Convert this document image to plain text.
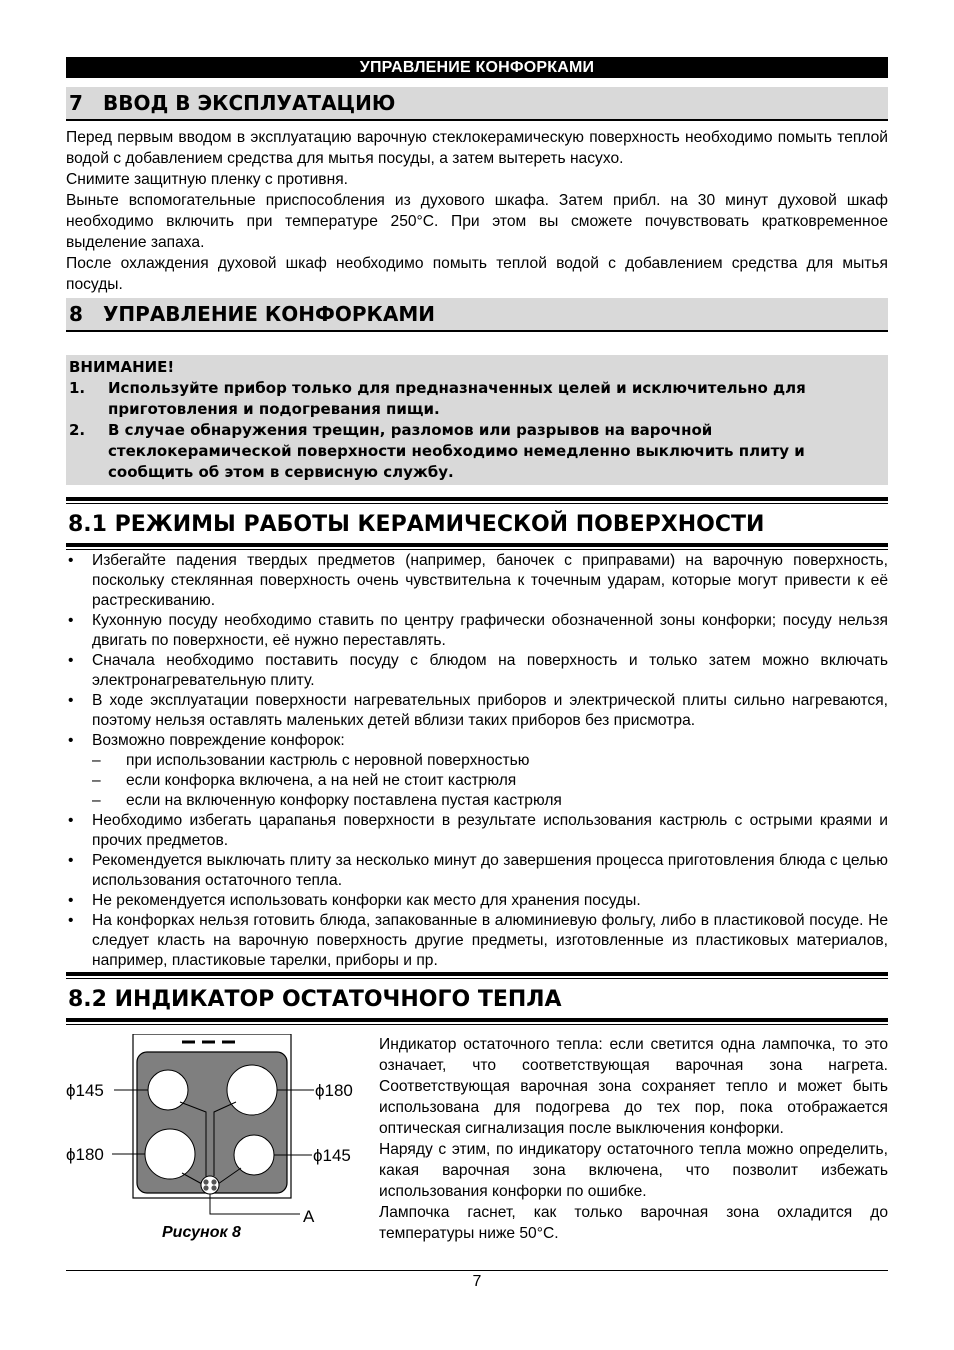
УПРАВЛЕНИЕ КОНФОРКАМИ
7 ВВОД В ЭКСПЛУАТАЦИЮ

Перед первым вводом в эксплуатацию варочную стеклокерамическую поверхность необходимо помыть теплой водой с добавлением средства для мытья посуды, а затем вытереть насухо.

Снимите защитную пленку с противня.

Выньте вспомогательные приспособления из духового шкафа. Затем прибл. на 30 минут духовой шкаф необходимо включить при температуре 250°С. При этом вы сможете почувствовать кратковременное выделение запаха.

После охлаждения духовой шкаф необходимо помыть теплой водой с добавлением средства для мытья посуды.

8 УПРАВЛЕНИЕ КОНФОРКАМИ
ВНИМАНИЕ!
1.	Используйте прибор только для предназначенных целей и исключительно для приготовления и подогревания пищи.
2.	В случае обнаружения трещин, разломов или разрывов на варочной стеклокерамической поверхности необходимо немедленно выключить плиту и сообщить об этом в сервисную службу.
8.1 РЕЖИМЫ РАБОТЫ КЕРАМИЧЕСКОЙ ПОВЕРХНОСТИ
•	Избегайте падения твердых предметов (например, баночек с приправами) на варочную поверхность, поскольку стеклянная поверхность очень чувствительна к точечным ударам, которые могут привести к её растрескиванию.
•	Кухонную посуду необходимо ставить по центру графически обозначенной зоны конфорки; посуду нельзя двигать по поверхности, её нужно переставлять.
•	Сначала необходимо поставить посуду с блюдом на поверхность и только затем можно включать электронагревательную плиту.
•	В ходе эксплуатации поверхности нагревательных приборов и электрической плиты сильно нагреваются, поэтому нельзя оставлять маленьких детей вблизи таких приборов без присмотра.
•	Возможно повреждение конфорок:
–	при использовании кастрюль с неровной поверхностью
–	если конфорка включена, а на ней не стоит кастрюля
–	если на включенную конфорку поставлена пустая кастрюля
•	Необходимо избегать царапанья поверхности в результате использования кастрюль с острыми краями и прочих предметов.
•	Рекомендуется выключать плиту за несколько минут до завершения процесса приготовления блюда с целью использования остаточного тепла.
•	Не рекомендуется использовать конфорки как место для хранения посуды.
•	На конфорках нельзя готовить блюда, запакованные в алюминиевую фольгу, либо в пластиковой посуде. Не следует класть на варочную поверхность другие предметы, изготовленные из пластиковых материалов, например, пластиковые тарелки, приборы и пр.
8.2 ИНДИКАТОР ОСТАТОЧНОГО ТЕПЛА
ϕ145	ϕ180
ϕ180	ϕ145
A
Рисунок 8

Индикатор остаточного тепла: если светится одна лампочка, то это означает, что соответствующая варочная зона нагрета. Соответствующая варочная зона сохраняет тепло и может быть использована для подогрева до тех пор, пока отображается оптическая сигнализация после выключения конфорки.

Наряду с этим, по индикатору остаточного тепла можно определить, какая варочная зона включена, что позволит избежать использования конфорки по ошибке.

Лампочка гаснет, как только варочная зона охладится до температуры ниже 50°С.

7
